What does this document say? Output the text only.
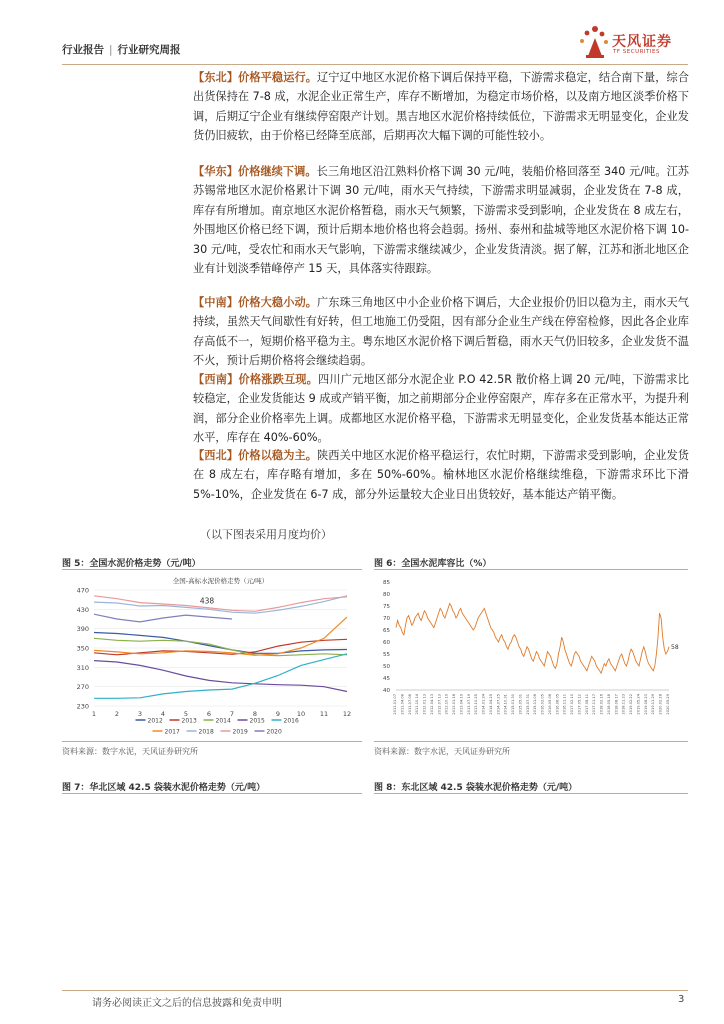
行业报告 | 行业研究周报	天风证券
TF SECURITIES
【东北】价格平稳运行。辽宁辽中地区水泥价格下调后保持平稳，下游需求稳定，结合南下量，综合出货保持在 7-8 成，水泥企业正常生产，库存不断增加，为稳定市场价格，以及南方地区淡季价格下调，后期辽宁企业有继续停窑限产计划。黑吉地区水泥价格持续低位，下游需求无明显变化，企业发货仍旧疲软，由于价格已经降至底部，后期再次大幅下调的可能性较小。
【华东】价格继续下调。长三角地区沿江熟料价格下调 30 元/吨，装船价格回落至 340 元/吨。江苏苏锡常地区水泥价格累计下调 30 元/吨，雨水天气持续，下游需求明显减弱，企业发货在 7-8 成，库存有所增加。南京地区水泥价格暂稳，雨水天气频繁，下游需求受到影响，企业发货在 8 成左右，外围地区价格已经下调，预计后期本地价格也将会趋弱。扬州、泰州和盐城等地区水泥价格下调 10-30 元/吨，受农忙和雨水天气影响，下游需求继续减少，企业发货清淡。据了解，江苏和浙北地区企业有计划淡季错峰停产 15 天，具体落实待跟踪。
【中南】价格大稳小动。广东珠三角地区中小企业价格下调后，大企业报价仍旧以稳为主，雨水天气持续，虽然天气间歇性有好转，但工地施工仍受阻，因有部分企业生产线在停窑检修，因此各企业库存高低不一，短期价格平稳为主。粤东地区水泥价格下调后暂稳，雨水天气仍旧较多，企业发货不温不火，预计后期价格将会继续趋弱。
【西南】价格涨跌互现。四川广元地区部分水泥企业 P.O 42.5R 散价格上调 20 元/吨，下游需求比较稳定，企业发货能达 9 成或产销平衡，加之前期部分企业停窑限产，库存多在正常水平，为提升利润，部分企业价格率先上调。成都地区水泥价格平稳，下游需求无明显变化，企业发货基本能达正常水平，库存在 40%-60%。
【西北】价格以稳为主。陕西关中地区水泥价格平稳运行，农忙时期，下游需求受到影响，企业发货在 8 成左右，库存略有增加，多在 50%-60%。榆林地区水泥价格继续维稳，下游需求环比下滑 5%-10%，企业发货在 6-7 成，部分外运量较大企业日出货较好，基本能达产销平衡。
（以下图表采用月度均价）
图 5：全国水泥价格走势（元/吨）
全国-高标水泥价格走势（元/吨）
230
270
310
350
390
430
470
1	2	3	4	5	6	7	8	9	10 11 12
438
2012	2013	2014	2015	2016
2017	2018	2019	2020
资料来源：数字水泥，天风证券研究所
图 6：全国水泥库容比（%）
40
45
50
55
60
65
70
75
80
85
58
2011.01.07 2011.04.08 2011.07.08 2011.10.14 2012.01.13 2012.04.13 2012.07.13 2012.10.19 2013.01.18 2013.04.19 2013.07.19 2013.10.25 2014.01.24 2014.04.25 2014.07.25 2014.10.31 2015.01.30 2015.05.01 2015.07.31 2015.11.06 2016.02.05 2016.05.06 2016.08.05 2016.11.11 2017.02.10 2017.05.12 2017.08.11 2017.11.17 2018.02.16 2018.05.18 2018.08.17 2018.11.23 2019.02.22 2019.05.24 2019.08.23 2019.11.29 2020.02.28 2020.05.29
资料来源：数字水泥，天风证券研究所
图 7：华北区域 42.5 袋装水泥价格走势（元/吨）	图 8：东北区域 42.5 袋装水泥价格走势（元/吨）
请务必阅读正文之后的信息披露和免责申明	3
